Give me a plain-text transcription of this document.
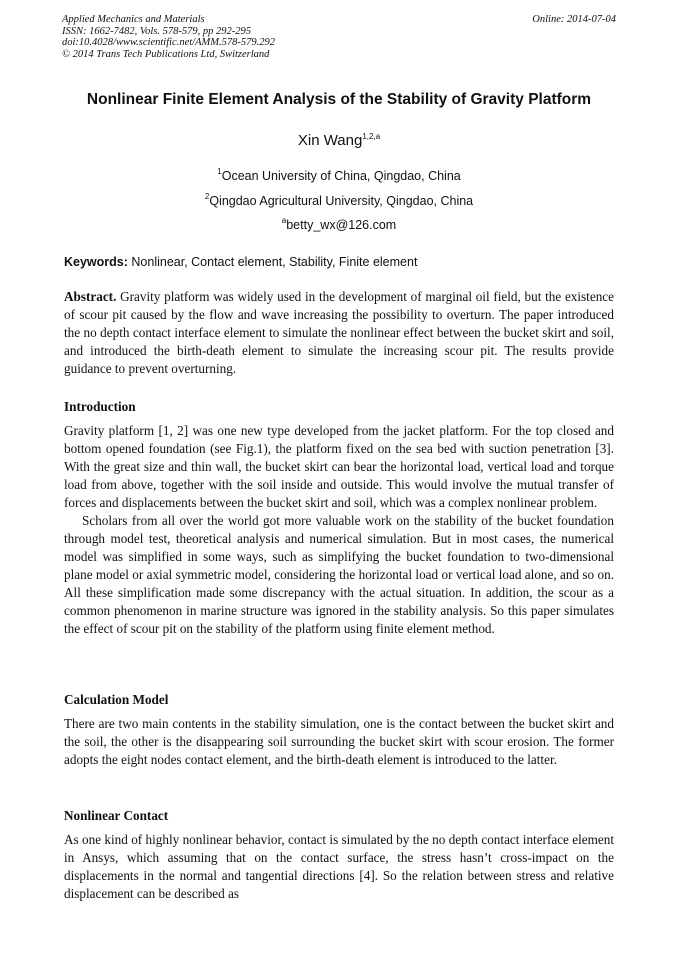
Applied Mechanics and Materials
ISSN: 1662-7482, Vols. 578-579, pp 292-295
doi:10.4028/www.scientific.net/AMM.578-579.292
© 2014 Trans Tech Publications Ltd, Switzerland
Online: 2014-07-04
Nonlinear Finite Element Analysis of the Stability of Gravity Platform
Xin Wang$^{1,2,a}$
$^1$Ocean University of China, Qingdao, China
$^2$Qingdao Agricultural University, Qingdao, China
$^a$betty_wx@126.com
Keywords: Nonlinear, Contact element, Stability, Finite element

Abstract. Gravity platform was widely used in the development of marginal oil field, but the existence of scour pit caused by the flow and wave increasing the possibility to overturn. The paper introduced the no depth contact interface element to simulate the nonlinear effect between the bucket skirt and soil, and introduced the birth-death element to simulate the increasing scour pit. The results provide guidance to prevent overturning.

Introduction

Gravity platform [1, 2] was one new type developed from the jacket platform. For the top closed and bottom opened foundation (see Fig.1), the platform fixed on the sea bed with suction penetration [3]. With the great size and thin wall, the bucket skirt can bear the horizontal load, vertical load and torque load from above, together with the soil inside and outside. This would involve the mutual transfer of forces and displacements between the bucket skirt and soil, which was a complex nonlinear problem.

Scholars from all over the world got more valuable work on the stability of the bucket foundation through model test, theoretical analysis and numerical simulation. But in most cases, the numerical model was simplified in some ways, such as simplifying the bucket foundation to two-dimensional plane model or axial symmetric model, considering the horizontal load or vertical load alone, and so on. All these simplification made some discrepancy with the actual situation. In addition, the scour as a common phenomenon in marine structure was ignored in the stability analysis. So this paper simulates the effect of scour pit on the stability of the platform using finite element method.

Calculation Model

There are two main contents in the stability simulation, one is the contact between the bucket skirt and the soil, the other is the disappearing soil surrounding the bucket skirt with scour erosion. The former adopts the eight nodes contact element, and the birth-death element is introduced to the latter.

Nonlinear Contact

As one kind of highly nonlinear behavior, contact is simulated by the no depth contact interface element in Ansys, which assuming that on the contact surface, the stress hasn’t cross-impact on the displacements in the normal and tangential directions [4]. So the relation between stress and relative displacement can be described as
